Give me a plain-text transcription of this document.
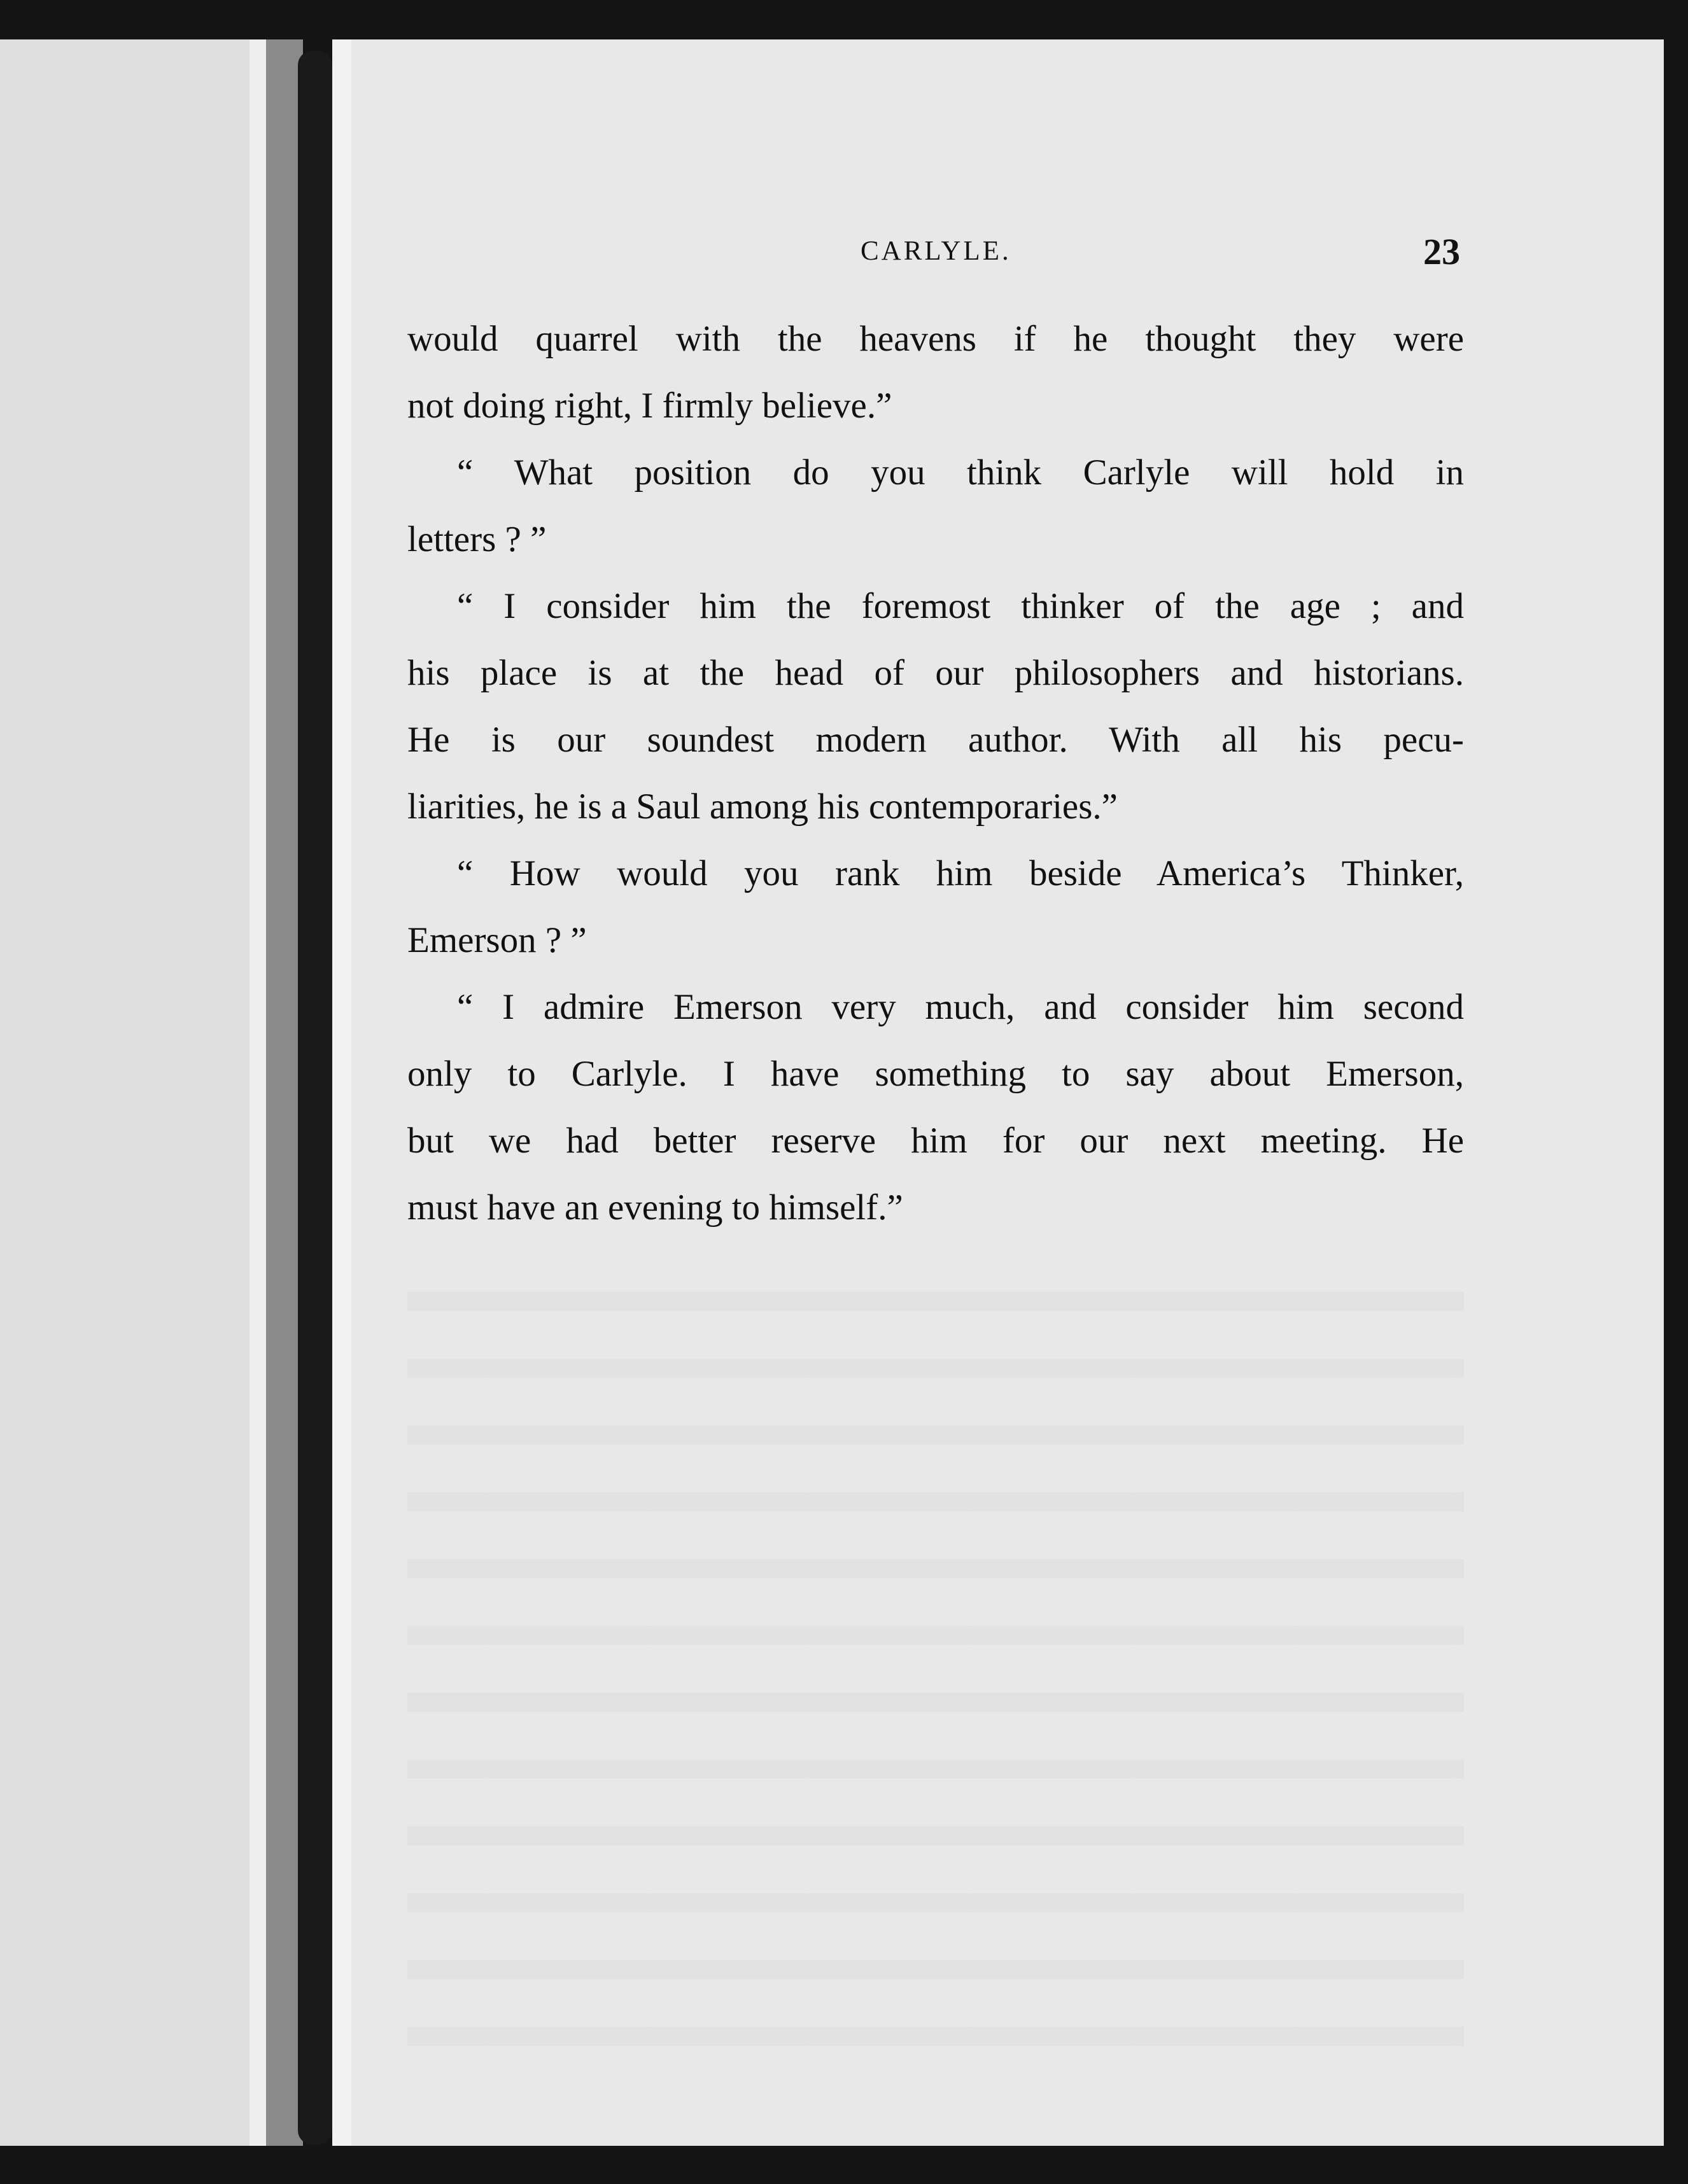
CARLYLE.	23
would quarrel with the heavens if he thought they were
not doing right, I firmly believe.”
“ What position do you think Carlyle will hold in
letters ? ”
“ I consider him the foremost thinker of the age ; and
his place is at the head of our philosophers and historians.
He is our soundest modern author. With all his pecu-
liarities, he is a Saul among his contemporaries.”
“ How would you rank him beside America’s Thinker,
Emerson ? ”
“ I admire Emerson very much, and consider him second
only to Carlyle. I have something to say about Emerson,
but we had better reserve him for our next meeting. He
must have an evening to himself.”
